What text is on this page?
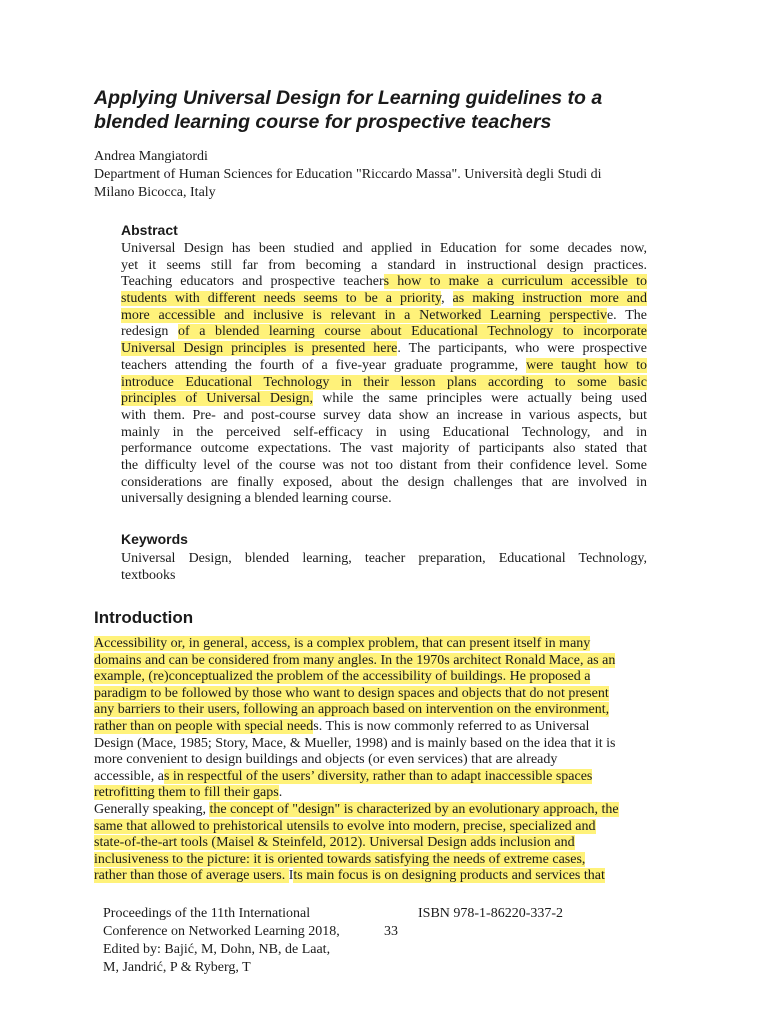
Applying Universal Design for Learning guidelines to a
blended learning course for prospective teachers
Andrea Mangiatordi
Department of Human Sciences for Education "Riccardo Massa". Università degli Studi di
Milano Bicocca, Italy
Abstract
Universal Design has been studied and applied in Education for some decades now,
yet it seems still far from becoming a standard in instructional design practices.
Teaching educators and prospective teachers how to make a curriculum accessible to
students with different needs seems to be a priority, as making instruction more and
more accessible and inclusive is relevant in a Networked Learning perspective. The
redesign of a blended learning course about Educational Technology to incorporate
Universal Design principles is presented here. The participants, who were prospective
teachers attending the fourth of a five-year graduate programme, were taught how to
introduce Educational Technology in their lesson plans according to some basic
principles of Universal Design, while the same principles were actually being used
with them. Pre- and post-course survey data show an increase in various aspects, but
mainly in the perceived self-efficacy in using Educational Technology, and in
performance outcome expectations. The vast majority of participants also stated that
the difficulty level of the course was not too distant from their confidence level. Some
considerations are finally exposed, about the design challenges that are involved in
universally designing a blended learning course.
Keywords
Universal Design, blended learning, teacher preparation, Educational Technology,
textbooks
Introduction
Accessibility or, in general, access, is a complex problem, that can present itself in many
domains and can be considered from many angles. In the 1970s architect Ronald Mace, as an
example, (re)conceptualized the problem of the accessibility of buildings. He proposed a
paradigm to be followed by those who want to design spaces and objects that do not present
any barriers to their users, following an approach based on intervention on the environment,
rather than on people with special needs. This is now commonly referred to as Universal
Design (Mace, 1985; Story, Mace, & Mueller, 1998) and is mainly based on the idea that it is
more convenient to design buildings and objects (or even services) that are already
accessible, as in respectful of the users’ diversity, rather than to adapt inaccessible spaces
retrofitting them to fill their gaps.
Generally speaking, the concept of "design" is characterized by an evolutionary approach, the
same that allowed to prehistorical utensils to evolve into modern, precise, specialized and
state-of-the-art tools (Maisel & Steinfeld, 2012). Universal Design adds inclusion and
inclusiveness to the picture: it is oriented towards satisfying the needs of extreme cases,
rather than those of average users. Its main focus is on designing products and services that
Proceedings of the 11th International
Conference on Networked Learning 2018,
Edited by: Bajić, M, Dohn, NB, de Laat,
M, Jandrić, P & Ryberg, T
33
ISBN 978-1-86220-337-2
